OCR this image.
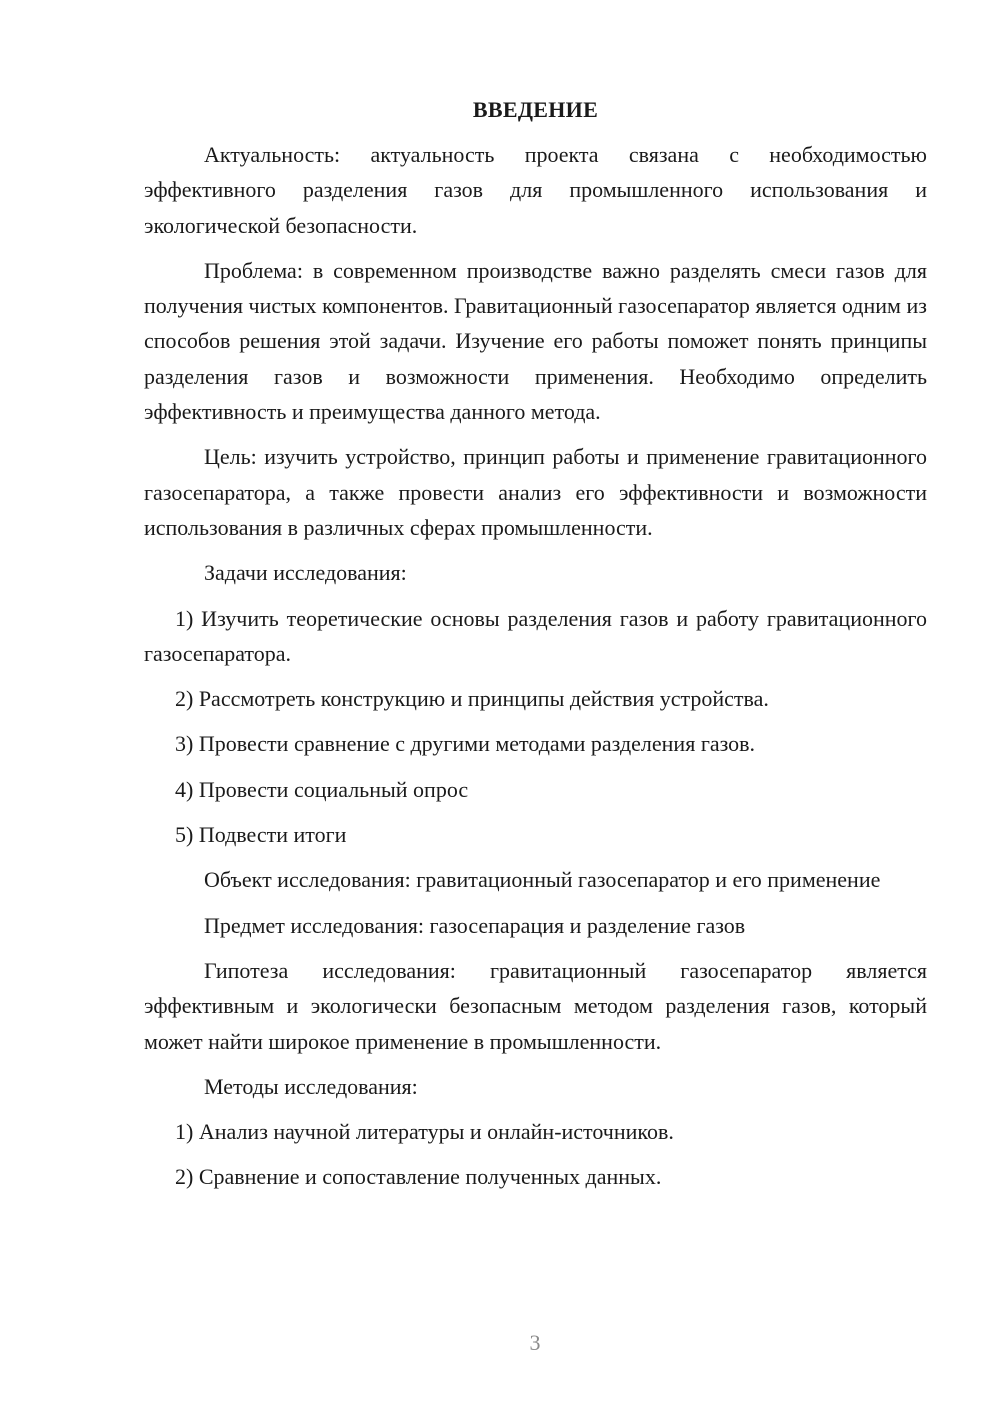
ВВЕДЕНИЕ

Актуальность: актуальность проекта связана с необходимостью эффективного разделения газов для промышленного использования и экологической безопасности.

Проблема: в современном производстве важно разделять смеси газов для получения чистых компонентов. Гравитационный газосепаратор является одним из способов решения этой задачи. Изучение его работы поможет понять принципы разделения газов и возможности применения. Необходимо определить эффективность и преимущества данного метода.

Цель: изучить устройство, принцип работы и применение гравитационного газосепаратора, а также провести анализ его эффективности и возможности использования в различных сферах промышленности.

Задачи исследования:

1) Изучить теоретические основы разделения газов и работу гравитационного газосепаратора.

2) Рассмотреть конструкцию и принципы действия устройства.

3) Провести сравнение с другими методами разделения газов.

4) Провести социальный опрос

5) Подвести итоги

Объект исследования: гравитационный газосепаратор и его применение

Предмет исследования: газосепарация и разделение газов

Гипотеза исследования: гравитационный газосепаратор является эффективным и экологически безопасным методом разделения газов, который может найти широкое применение в промышленности.

Методы исследования:

1) Анализ научной литературы и онлайн-источников.

2) Сравнение и сопоставление полученных данных.

3
